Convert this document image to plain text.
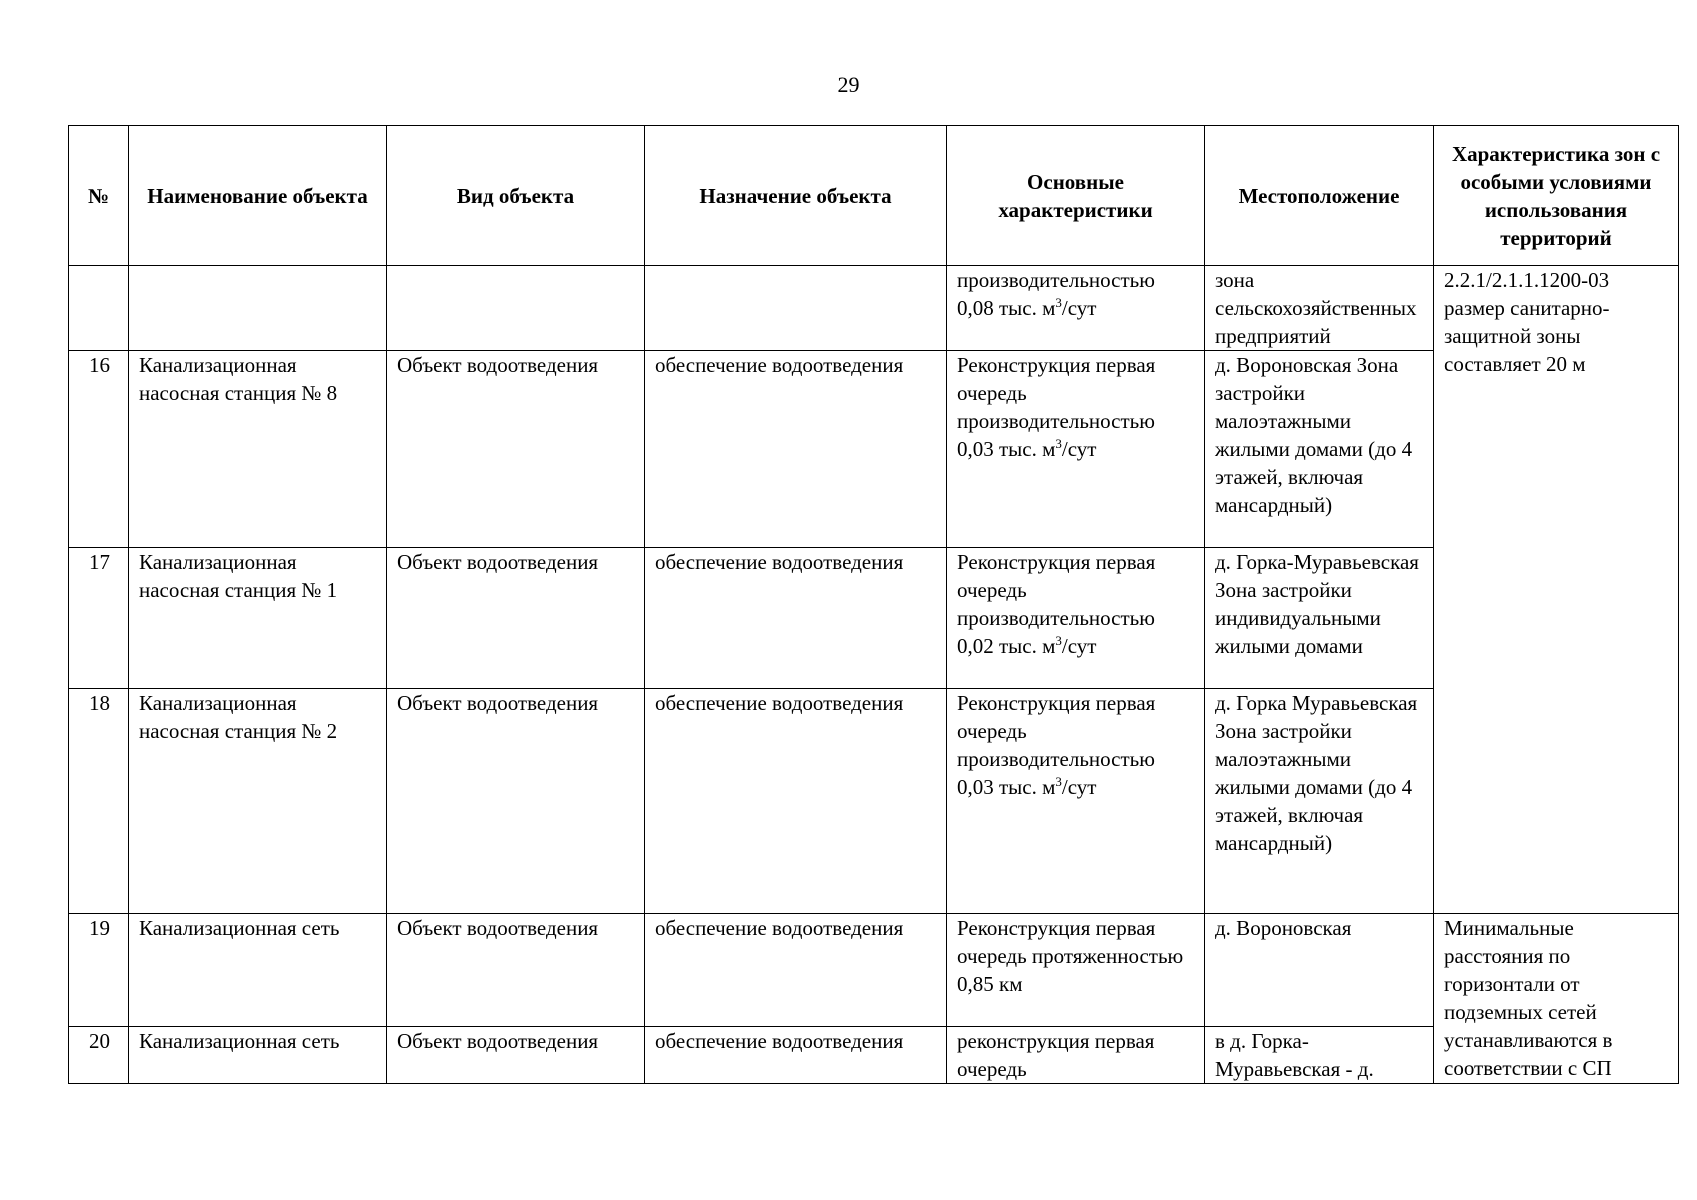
29
№	Наименование объекта	Вид объекта	Назначение объекта	Основные характеристики	Местоположение	Характеристика зон с особыми условиями использования территорий
				производительностью 0,08 тыс. $м^3$/сут	зона сельскохозяйственных предприятий	2.2.1/2.1.1.1200-03 размер санитарно-защитной зоны составляет 20 м
16	Канализационная насосная станция № 8	Объект водоотведения	обеспечение водоотведения	Реконструкция первая очередь производительностью 0,03 тыс. $м^3$/сут	д. Вороновская Зона застройки малоэтажными жилыми домами (до 4 этажей, включая мансардный)	
17	Канализационная насосная станция № 1	Объект водоотведения	обеспечение водоотведения	Реконструкция первая очередь производительностью 0,02 тыс. $м^3$/сут	д. Горка-Муравьевская Зона застройки индивидуальными жилыми домами	
18	Канализационная насосная станция № 2	Объект водоотведения	обеспечение водоотведения	Реконструкция первая очередь производительностью 0,03 тыс. $м^3$/сут	д. Горка Муравьевская Зона застройки малоэтажными жилыми домами (до 4 этажей, включая мансардный)	
19	Канализационная сеть	Объект водоотведения	обеспечение водоотведения	Реконструкция первая очередь протяженностью 0,85 км	д. Вороновская	Минимальные расстояния по горизонтали от подземных сетей устанавливаются в соответствии с СП
20	Канализационная сеть	Объект водоотведения	обеспечение водоотведения	реконструкция первая очередь	в д. Горка-Муравьевская - д.	
